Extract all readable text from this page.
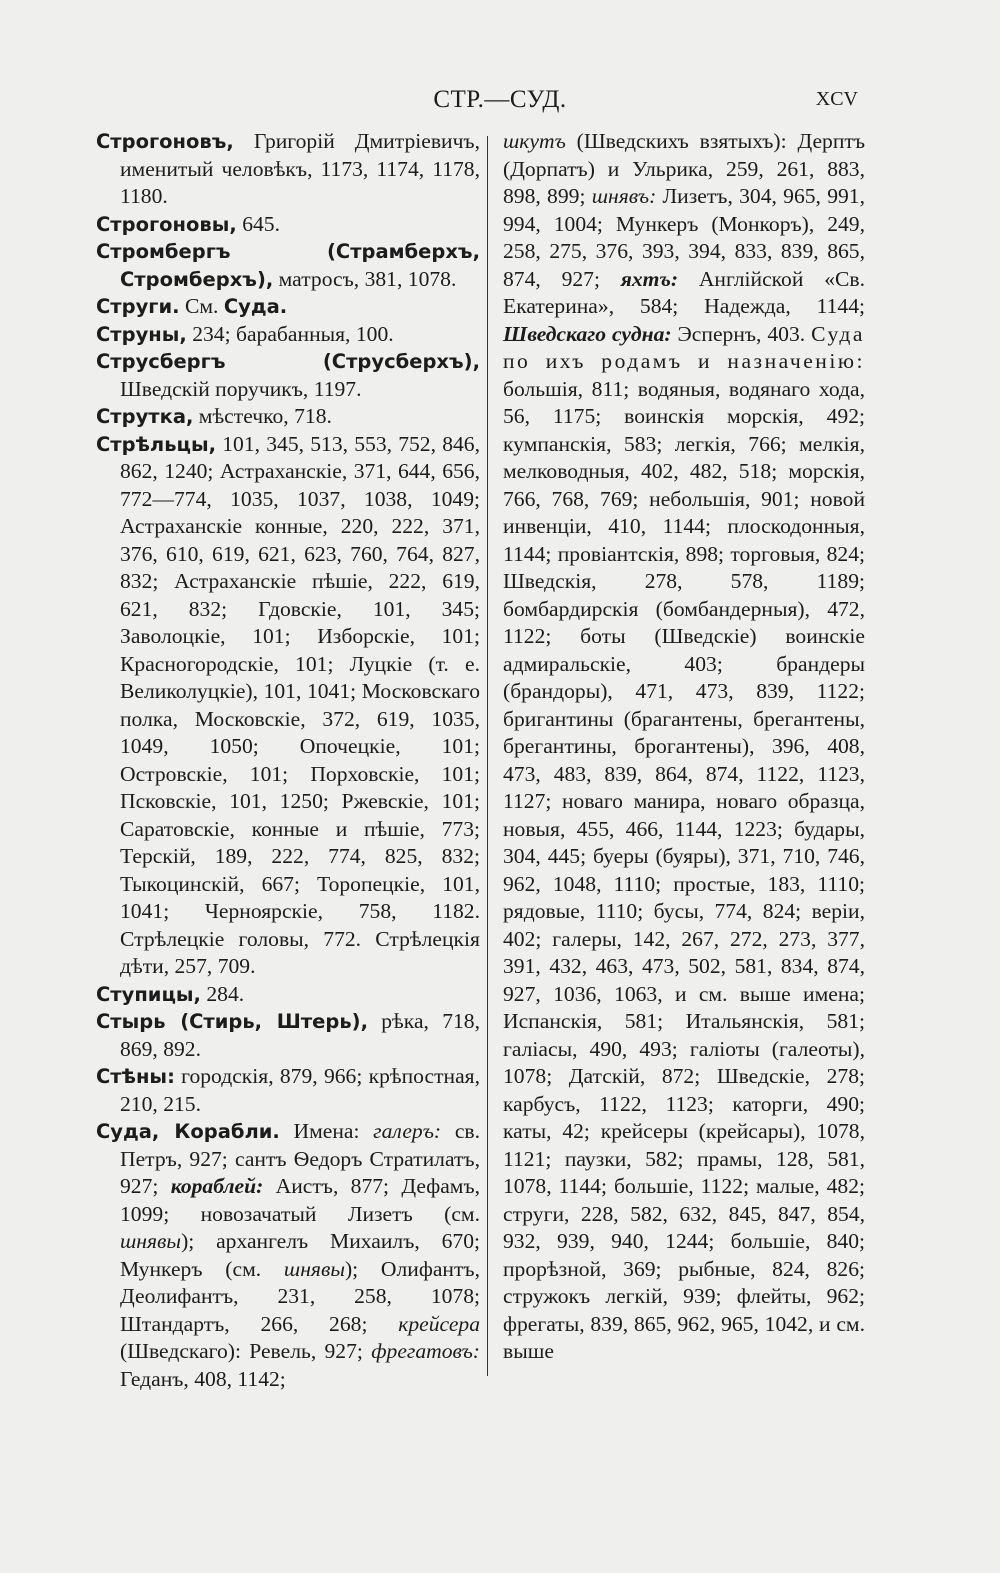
СТР.—СУД.	XCV

Строгоновъ, Григорій Дмитріевичъ, именитый человѣкъ, 1173, 1174, 1178, 1180.

Строгоновы, 645.

Стромбергъ (Страмберхъ, Стромберхъ), матросъ, 381, 1078.

Струги. См. Суда.

Струны, 234; барабанныя, 100.

Струсбергъ (Струсберхъ), Шведскій поручикъ, 1197.

Струтка, мѣстечко, 718.

Стрѣльцы, 101, 345, 513, 553, 752, 846, 862, 1240; Астраханскіе, 371, 644, 656, 772—774, 1035, 1037, 1038, 1049; Астраханскіе конные, 220, 222, 371, 376, 610, 619, 621, 623, 760, 764, 827, 832; Астраханскіе пѣшіе, 222, 619, 621, 832; Гдовскіе, 101, 345; Заволоцкіе, 101; Изборскіе, 101; Красногородскіе, 101; Луцкіе (т. е. Великолуцкіе), 101, 1041; Московскаго полка, Московскіе, 372, 619, 1035, 1049, 1050; Опочецкіе, 101; Островскіе, 101; Порховскіе, 101; Псковскіе, 101, 1250; Ржевскіе, 101; Саратовскіе, конные и пѣшіе, 773; Терскій, 189, 222, 774, 825, 832; Тыкоцинскій, 667; Торопецкіе, 101, 1041; Черноярскіе, 758, 1182. Стрѣлецкіе головы, 772. Стрѣлецкія дѣти, 257, 709.

Ступицы, 284.

Стырь (Стирь, Штерь), рѣка, 718, 869, 892.

Стѣны: городскія, 879, 966; крѣпостная, 210, 215.

Суда, Корабли. Имена: галеръ: св. Петръ, 927; сантъ Ѳедоръ Стратилатъ, 927; кораблей: Аистъ, 877; Дефамъ, 1099; новозачатый Лизетъ (см. шнявы); архангелъ Михаилъ, 670; Мункеръ (см. шнявы); Олифантъ, Деолифантъ, 231, 258, 1078; Штандартъ, 266, 268; крейсера (Шведскаго): Ревель, 927; фрегатовъ: Геданъ, 408, 1142;

шкутъ (Шведскихъ взятыхъ): Дерптъ (Дорпатъ) и Ульрика, 259, 261, 883, 898, 899; шнявъ: Лизетъ, 304, 965, 991, 994, 1004; Мункеръ (Монкоръ), 249, 258, 275, 376, 393, 394, 833, 839, 865, 874, 927; яхтъ: Англійской «Св. Екатерина», 584; Надежда, 1144; Шведскаго судна: Эспернъ, 403. Суда по ихъ родамъ и назначенію: большія, 811; водяныя, водянаго хода, 56, 1175; воинскія морскія, 492; кумпанскія, 583; легкія, 766; мелкія, мелководныя, 402, 482, 518; морскія, 766, 768, 769; небольшія, 901; новой инвенціи, 410, 1144; плоскодонныя, 1144; провіантскія, 898; торговыя, 824; Шведскія, 278, 578, 1189; бомбардирскія (бомбандерныя), 472, 1122; боты (Шведскіе) воинскіе адмиральскіе, 403; брандеры (брандоры), 471, 473, 839, 1122; бригантины (брагантены, брегантены, брегантины, брогантены), 396, 408, 473, 483, 839, 864, 874, 1122, 1123, 1127; новаго манира, новаго образца, новыя, 455, 466, 1144, 1223; будары, 304, 445; буеры (буяры), 371, 710, 746, 962, 1048, 1110; простые, 183, 1110; рядовые, 1110; бусы, 774, 824; веріи, 402; галеры, 142, 267, 272, 273, 377, 391, 432, 463, 473, 502, 581, 834, 874, 927, 1036, 1063, и см. выше имена; Испанскія, 581; Итальянскія, 581; галіасы, 490, 493; галіоты (галеоты), 1078; Датскій, 872; Шведскіе, 278; карбусъ, 1122, 1123; каторги, 490; каты, 42; крейсеры (крейсары), 1078, 1121; паузки, 582; прамы, 128, 581, 1078, 1144; большіе, 1122; малые, 482; струги, 228, 582, 632, 845, 847, 854, 932, 939, 940, 1244; большіе, 840; прорѣзной, 369; рыбные, 824, 826; стружокъ легкій, 939; флейты, 962; фрегаты, 839, 865, 962, 965, 1042, и см. выше
